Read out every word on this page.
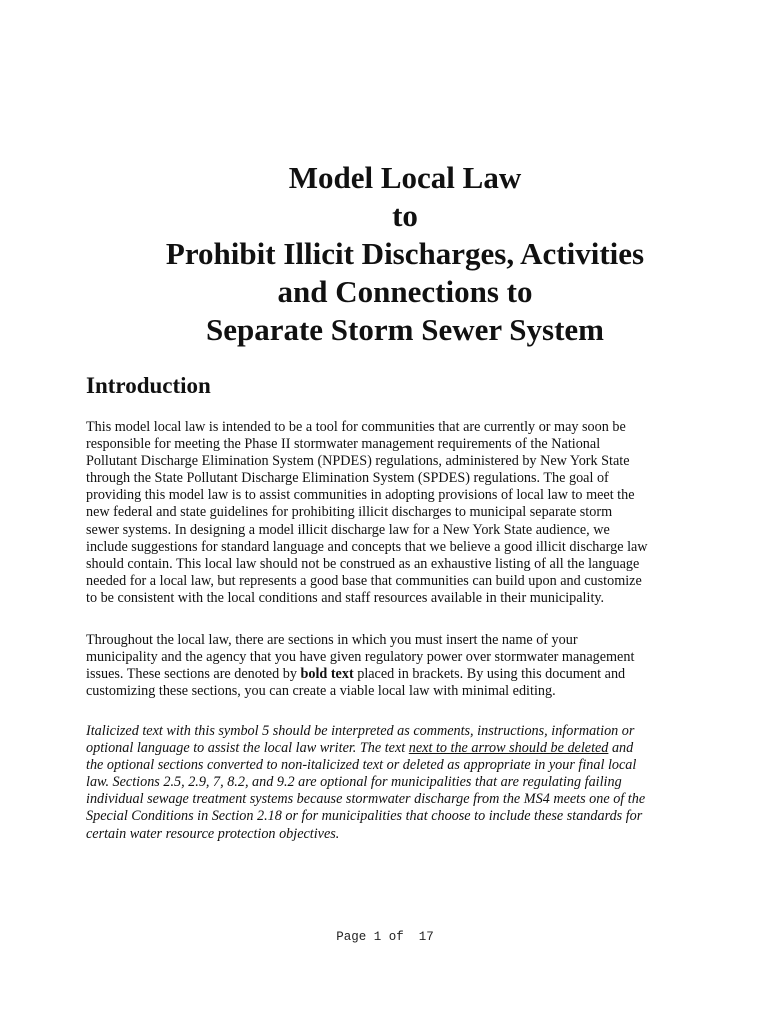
Model Local Law
to
Prohibit Illicit Discharges, Activities
and Connections to
Separate Storm Sewer System
Introduction

This model local law is intended to be a tool for communities that are currently or may soon be
responsible for meeting the Phase II stormwater management requirements of the National
Pollutant Discharge Elimination System (NPDES) regulations, administered by New York State
through the State Pollutant Discharge Elimination System (SPDES) regulations. The goal of
providing this model law is to assist communities in adopting provisions of local law to meet the
new federal and state guidelines for prohibiting illicit discharges to municipal separate storm
sewer systems. In designing a model illicit discharge law for a New York State audience, we
include suggestions for standard language and concepts that we believe a good illicit discharge law
should contain. This local law should not be construed as an exhaustive listing of all the language
needed for a local law, but represents a good base that communities can build upon and customize
to be consistent with the local conditions and staff resources available in their municipality.

Throughout the local law, there are sections in which you must insert the name of your
municipality and the agency that you have given regulatory power over stormwater management
issues. These sections are denoted by bold text placed in brackets. By using this document and
customizing these sections, you can create a viable local law with minimal editing.

Italicized text with this symbol 5 should be interpreted as comments, instructions, information or
optional language to assist the local law writer. The text next to the arrow should be deleted and
the optional sections converted to non-italicized text or deleted as appropriate in your final local
law. Sections 2.5, 2.9, 7, 8.2, and 9.2 are optional for municipalities that are regulating failing
individual sewage treatment systems because stormwater discharge from the MS4 meets one of the
Special Conditions in Section 2.18 or for municipalities that choose to include these standards for
certain water resource protection objectives.

Page 1 of  17
